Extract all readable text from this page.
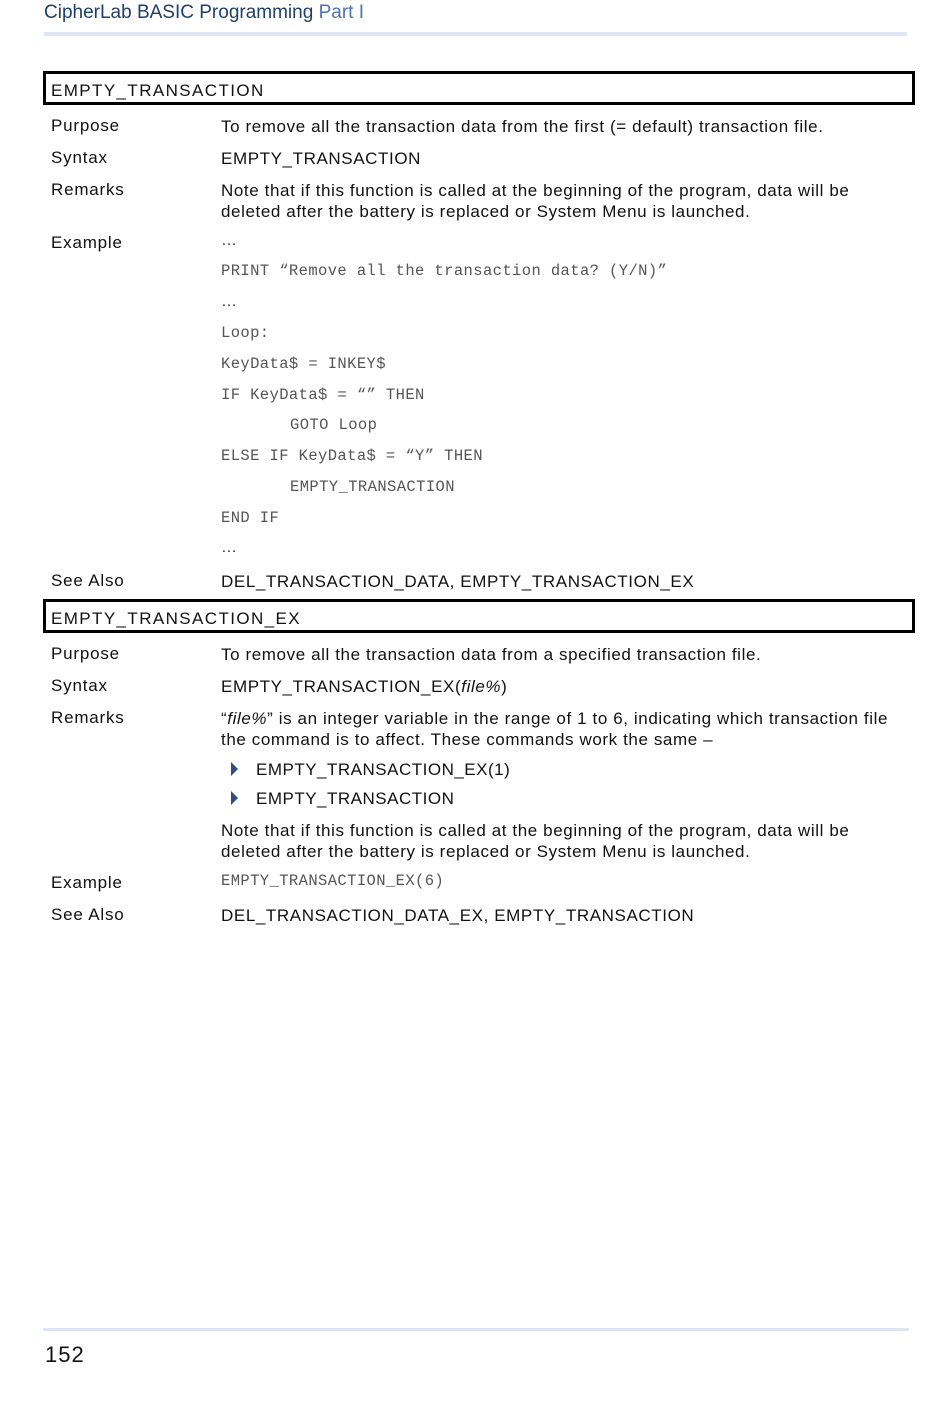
CipherLab BASIC Programming Part I
EMPTY_TRANSACTION
Purpose	To remove all the transaction data from the first (= default) transaction file.
Syntax	EMPTY_TRANSACTION
Remarks	Note that if this function is called at the beginning of the program, data will be deleted after the battery is replaced or System Menu is launched.
Example	…
PRINT “Remove all the transaction data? (Y/N)”
…
Loop:
KeyData$ = INKEY$
IF KeyData$ = “” THEN
GOTO Loop
ELSE IF KeyData$ = “Y” THEN
EMPTY_TRANSACTION
END IF
…
See Also	DEL_TRANSACTION_DATA, EMPTY_TRANSACTION_EX
EMPTY_TRANSACTION_EX
Purpose	To remove all the transaction data from a specified transaction file.
Syntax	EMPTY_TRANSACTION_EX(file%)
Remarks	“file%” is an integer variable in the range of 1 to 6, indicating which transaction file the command is to affect. These commands work the same –
EMPTY_TRANSACTION_EX(1)
EMPTY_TRANSACTION
Note that if this function is called at the beginning of the program, data will be deleted after the battery is replaced or System Menu is launched.
Example	EMPTY_TRANSACTION_EX(6)
See Also	DEL_TRANSACTION_DATA_EX, EMPTY_TRANSACTION
152
